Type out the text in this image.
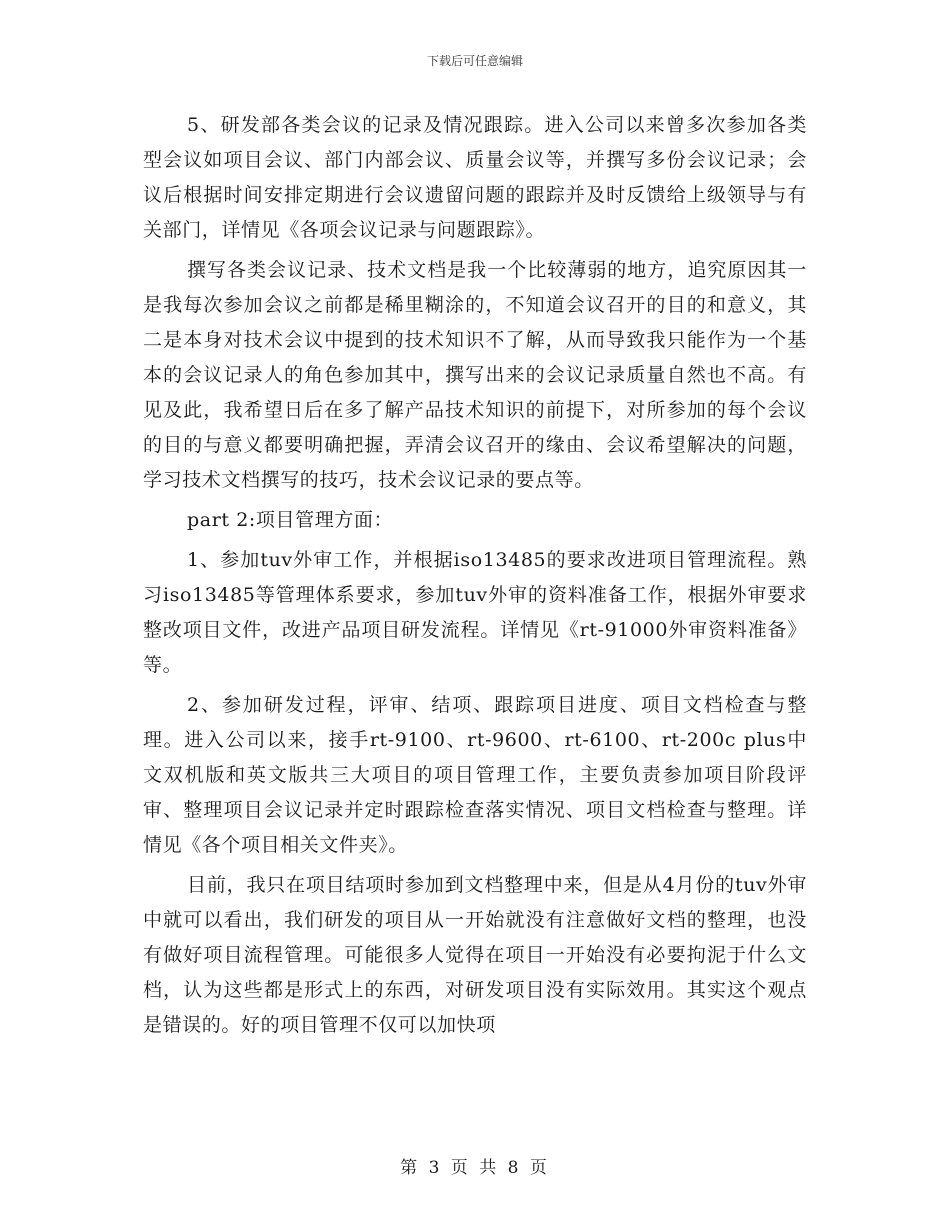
下载后可任意编辑

5、研发部各类会议的记录及情况跟踪。进入公司以来曾多次参加各类型会议如项目会议、部门内部会议、质量会议等，并撰写多份会议记录；会议后根据时间安排定期进行会议遗留问题的跟踪并及时反馈给上级领导与有关部门，详情见《各项会议记录与问题跟踪》。

撰写各类会议记录、技术文档是我一个比较薄弱的地方，追究原因其一是我每次参加会议之前都是稀里糊涂的，不知道会议召开的目的和意义，其二是本身对技术会议中提到的技术知识不了解，从而导致我只能作为一个基本的会议记录人的角色参加其中，撰写出来的会议记录质量自然也不高。有见及此，我希望日后在多了解产品技术知识的前提下，对所参加的每个会议的目的与意义都要明确把握，弄清会议召开的缘由、会议希望解决的问题，学习技术文档撰写的技巧，技术会议记录的要点等。

part 2:项目管理方面：

1、参加tuv外审工作，并根据iso13485的要求改进项目管理流程。熟习iso13485等管理体系要求，参加tuv外审的资料准备工作，根据外审要求整改项目文件，改进产品项目研发流程。详情见《rt-91000外审资料准备》等。

2、参加研发过程，评审、结项、跟踪项目进度、项目文档检查与整理。进入公司以来，接手rt-9100、rt-9600、rt-6100、rt-200c plus中文双机版和英文版共三大项目的项目管理工作，主要负责参加项目阶段评审、整理项目会议记录并定时跟踪检查落实情况、项目文档检查与整理。详情见《各个项目相关文件夹》。

目前，我只在项目结项时参加到文档整理中来，但是从4月份的tuv外审中就可以看出，我们研发的项目从一开始就没有注意做好文档的整理，也没有做好项目流程管理。可能很多人觉得在项目一开始没有必要拘泥于什么文档，认为这些都是形式上的东西，对研发项目没有实际效用。其实这个观点是错误的。好的项目管理不仅可以加快项

第 3 页 共 8 页
